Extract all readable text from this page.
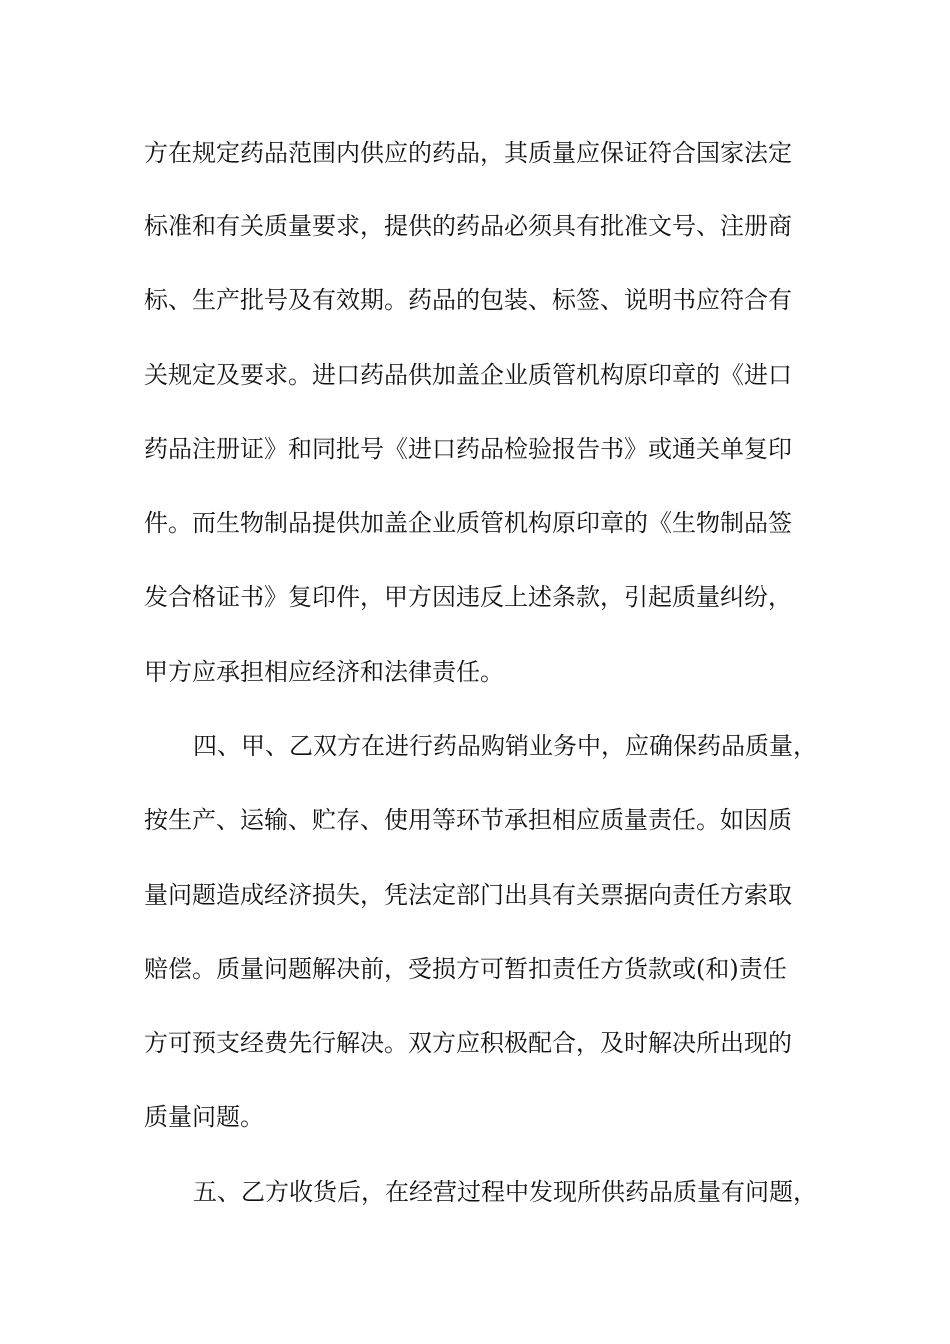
方在规定药品范围内供应的药品，其质量应保证符合国家法定
标准和有关质量要求，提供的药品必须具有批准文号、注册商
标、生产批号及有效期。药品的包装、标签、说明书应符合有
关规定及要求。进口药品供加盖企业质管机构原印章的《进口
药品注册证》和同批号《进口药品检验报告书》或通关单复印
件。而生物制品提供加盖企业质管机构原印章的《生物制品签
发合格证书》复印件，甲方因违反上述条款，引起质量纠纷，
甲方应承担相应经济和法律责任。
四、甲、乙双方在进行药品购销业务中，应确保药品质量，
按生产、运输、贮存、使用等环节承担相应质量责任。如因质
量问题造成经济损失，凭法定部门出具有关票据向责任方索取
赔偿。质量问题解决前，受损方可暂扣责任方货款或(和)责任
方可预支经费先行解决。双方应积极配合，及时解决所出现的
质量问题。
五、乙方收货后，在经营过程中发现所供药品质量有问题，
